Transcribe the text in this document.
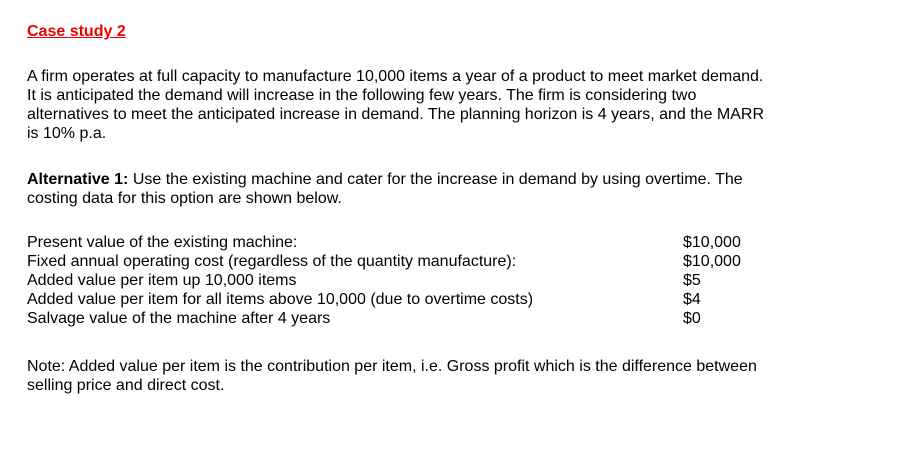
Case study 2
A firm operates at full capacity to manufacture 10,000 items a year of a product to meet market demand.
It is anticipated the demand will increase in the following few years. The firm is considering two
alternatives to meet the anticipated increase in demand. The planning horizon is 4 years, and the MARR
is 10% p.a.
Alternative 1: Use the existing machine and cater for the increase in demand by using overtime. The
costing data for this option are shown below.
Present value of the existing machine:	$10,000
Fixed annual operating cost (regardless of the quantity manufacture):	$10,000
Added value per item up 10,000 items	$5
Added value per item for all items above 10,000 (due to overtime costs)	$4
Salvage value of the machine after 4 years	$0
Note: Added value per item is the contribution per item, i.e. Gross profit which is the difference between
selling price and direct cost.
